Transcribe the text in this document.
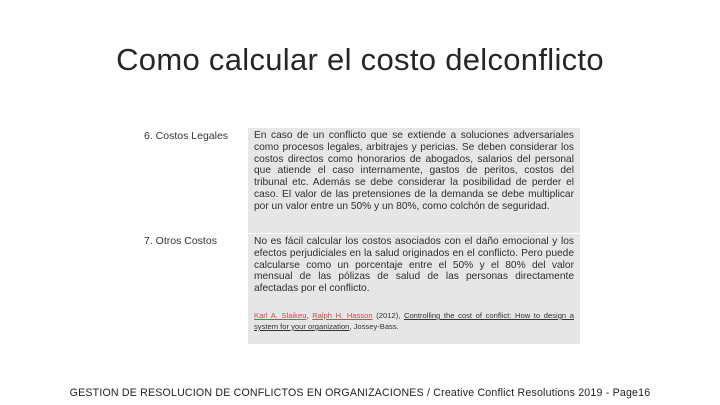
Como calcular el costo delconflicto
6. Costos Legales	En caso de un conflicto que se extiende a soluciones adversariales como procesos legales, arbitrajes y pericias. Se deben considerar los costos directos como honorarios de abogados, salarios del personal que atiende el caso internamente, gastos de peritos, costos del tribunal etc. Además se debe considerar la posibilidad de perder el caso. El valor de las pretensiones de la demanda se debe multiplicar por un valor entre un 50% y un 80%, como colchón de seguridad.
7. Otros Costos	No es fácil calcular los costos asociados con el daño emocional y los efectos perjudiciales en la salud originados en el conflicto. Pero puede calcularse como un porcentaje entre el 50% y el 80% del valor mensual de las pólizas de salud de las personas directamente afectadas por el conflicto.
Karl A. Slaikeu, Ralph H. Hasson (2012), Controlling the cost of conflict: How to design a system for your organization, Jossey-Bass.
GESTION DE RESOLUCION DE CONFLICTOS EN ORGANIZACIONES / Creative Conflict Resolutions 2019 - Page16
